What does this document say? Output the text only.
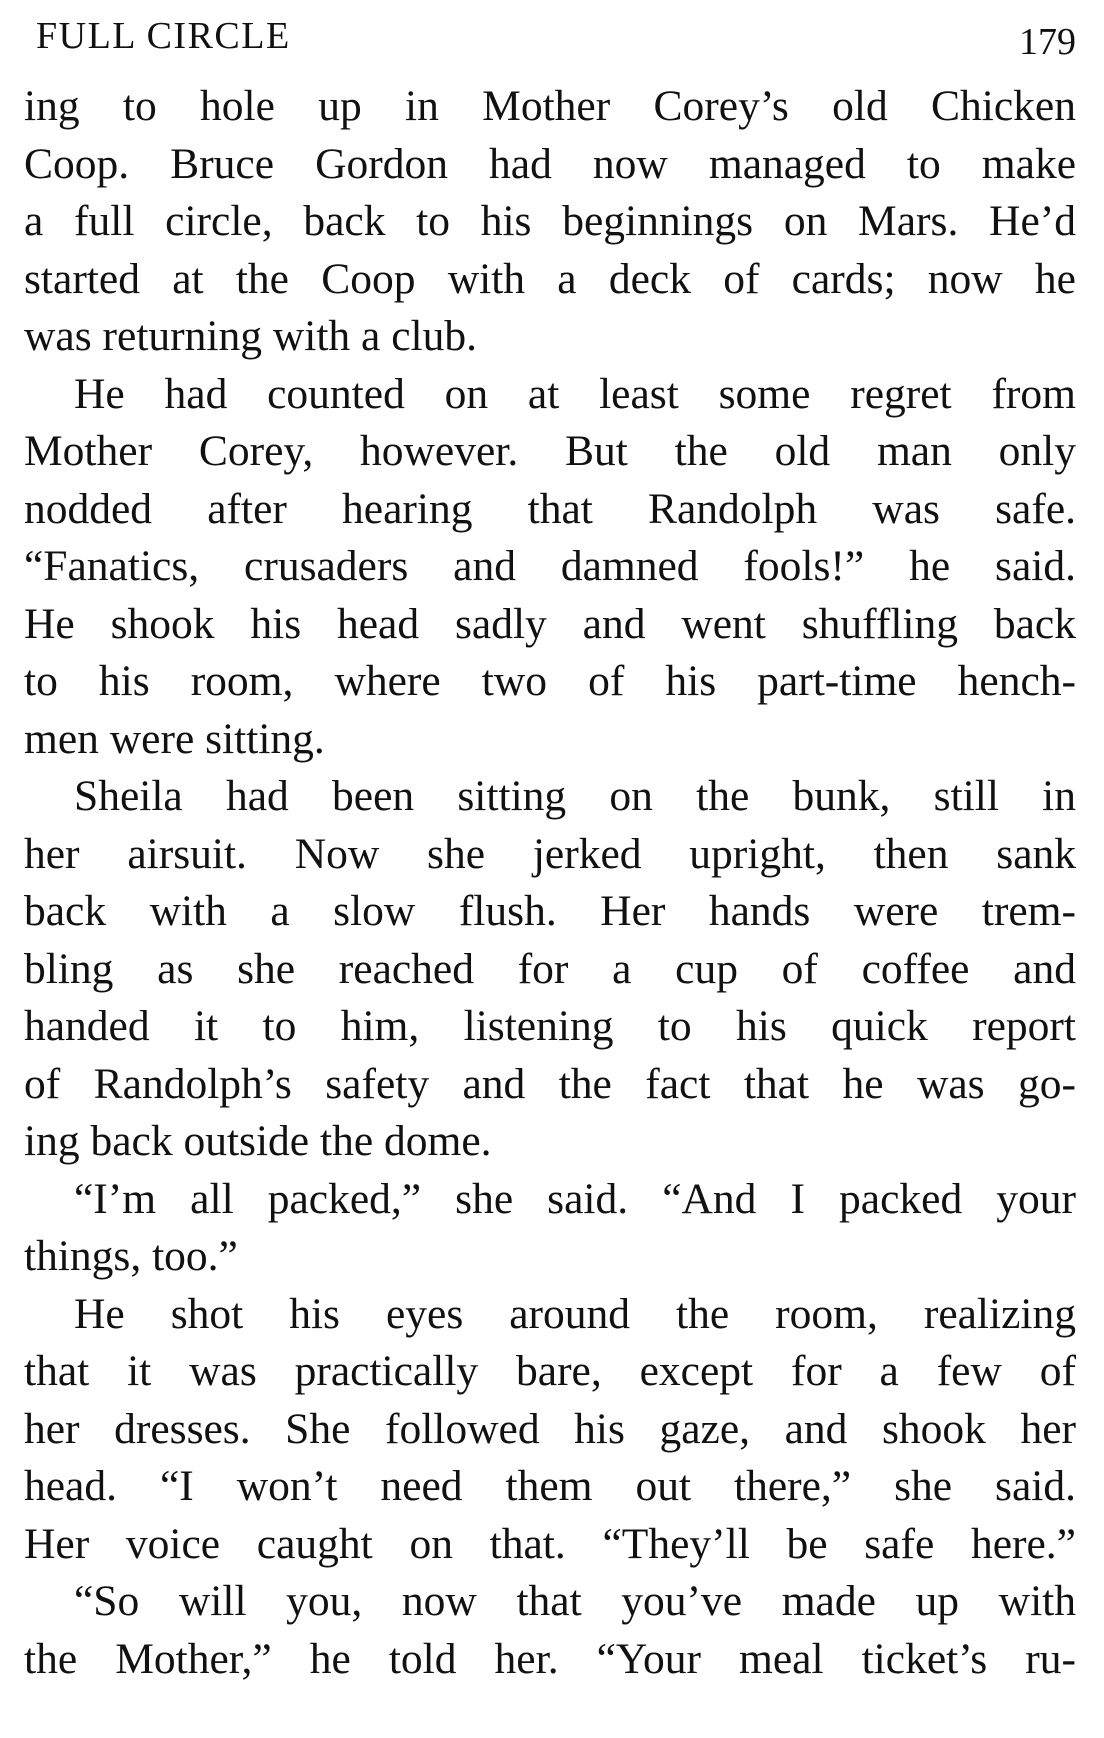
FULL CIRCLE	179
ing to hole up in Mother Corey’s old Chicken
Coop. Bruce Gordon had now managed to make
a full circle, back to his beginnings on Mars. He’d
started at the Coop with a deck of cards; now he
was returning with a club.
He had counted on at least some regret from
Mother Corey, however. But the old man only
nodded after hearing that Randolph was safe.
“Fanatics, crusaders and damned fools!” he said.
He shook his head sadly and went shuffling back
to his room, where two of his part-time hench-
men were sitting.
Sheila had been sitting on the bunk, still in
her airsuit. Now she jerked upright, then sank
back with a slow flush. Her hands were trem-
bling as she reached for a cup of coffee and
handed it to him, listening to his quick report
of Randolph’s safety and the fact that he was go-
ing back outside the dome.
“I’m all packed,” she said. “And I packed your
things, too.”
He shot his eyes around the room, realizing
that it was practically bare, except for a few of
her dresses. She followed his gaze, and shook her
head. “I won’t need them out there,” she said.
Her voice caught on that. “They’ll be safe here.”
“So will you, now that you’ve made up with
the Mother,” he told her. “Your meal ticket’s ru-
